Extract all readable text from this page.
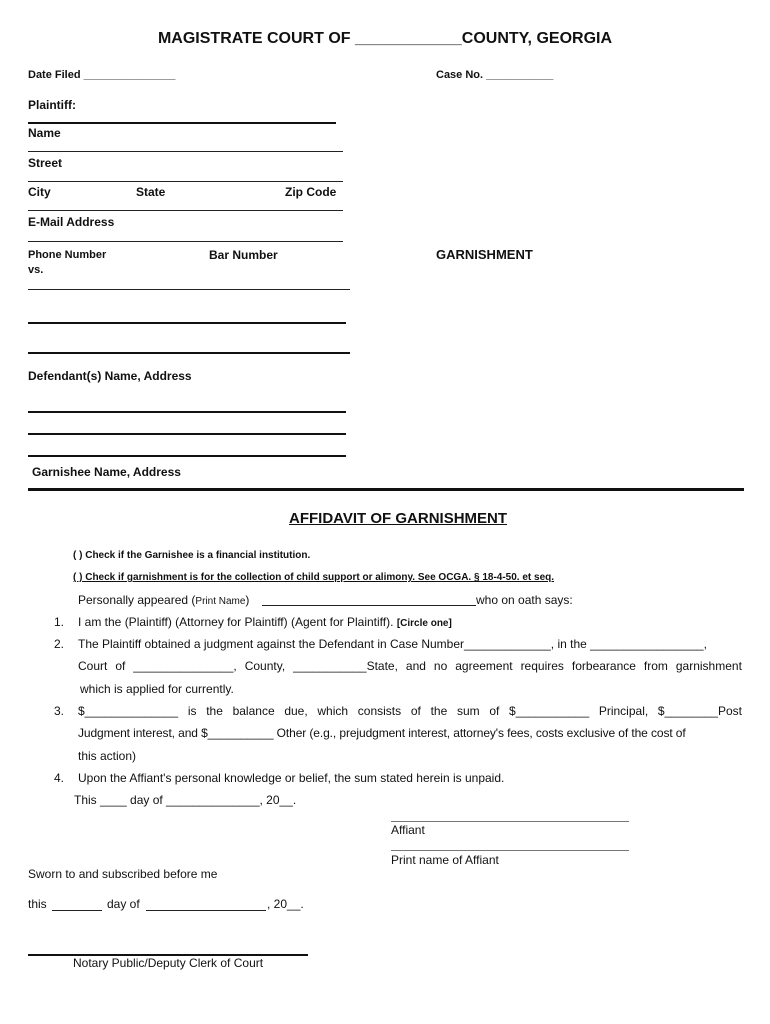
MAGISTRATE COURT OF ____________COUNTY, GEORGIA
Date Filed _______________	Case No. ___________
Plaintiff:
Name
Street
City	State	Zip Code
E-Mail Address
Phone Number	Bar Number
vs.
GARNISHMENT
Defendant(s) Name, Address
Garnishee Name, Address
AFFIDAVIT OF GARNISHMENT
( ) Check if the Garnishee is a financial institution.
( ) Check if garnishment is for the collection of child support or alimony. See OCGA. § 18-4-50. et seq.
Personally appeared (Print Name)	who on oath says:
1. I am the (Plaintiff) (Attorney for Plaintiff) (Agent for Plaintiff). [Circle one]
2. The Plaintiff obtained a judgment against the Defendant in Case Number_____________, in the _________________,
Court of _______________, County, ___________State, and no agreement requires forbearance from garnishment
which is applied for currently.
3. $______________ is the balance due, which consists of the sum of $___________ Principal, $________Post
Judgment interest, and $__________ Other (e.g., prejudgment interest, attorney's fees, costs exclusive of the cost of
this action)
4. Upon the Affiant's personal knowledge or belief, the sum stated herein is unpaid.
This ____ day of ______________, 20__.
Affiant
Print name of Affiant
Sworn to and subscribed before me
this	day of	, 20__.
Notary Public/Deputy Clerk of Court
